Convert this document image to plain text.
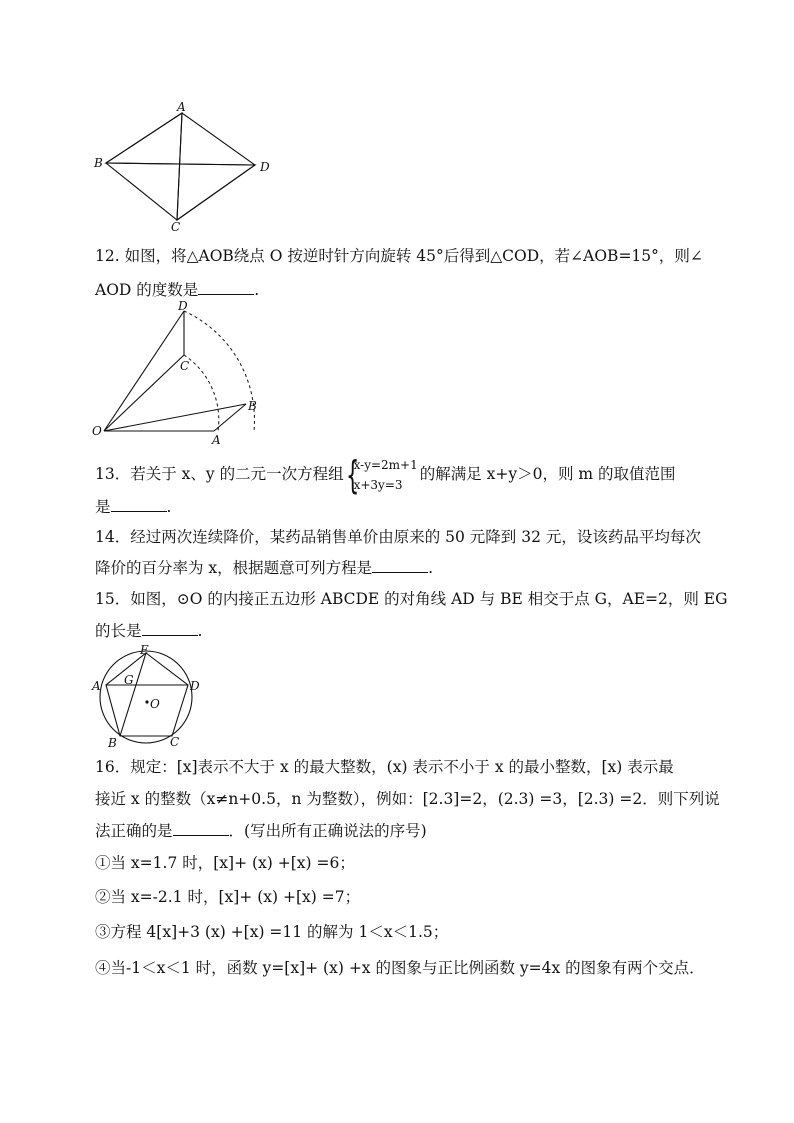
A
B
C
D
12. 如图，将△AOB绕点 O 按逆时针方向旋转 45°后得到△COD，若∠AOB=15°，则∠
AOD 的度数是	.
D
C
B
O
A
13．若关于 x、y 的二元一次方程组 {
x-y=2m+1
x+3y=3
的解满足 x+y＞0，则 m 的取值范围
是	.
14．经过两次连续降价，某药品销售单价由原来的 50 元降到 32 元，设该药品平均每次
降价的百分率为 x，根据题意可列方程是	.
15．如图，⊙O 的内接正五边形 ABCDE 的对角线 AD 与 BE 相交于点 G，AE=2，则 EG
的长是	.
E
A G	D
O
B	C
16．规定：[x]表示不大于 x 的最大整数，(x) 表示不小于 x 的最小整数，[x) 表示最
接近 x 的整数（x≠n+0.5，n 为整数），例如：[2.3]=2，(2.3) =3，[2.3) =2．则下列说
法正确的是	．(写出所有正确说法的序号)
①当 x=1.7 时，[x]+ (x) +[x) =6；
②当 x=-2.1 时，[x]+ (x) +[x) =7；
③方程 4[x]+3 (x) +[x) =11 的解为 1＜x＜1.5；
④当-1＜x＜1 时，函数 y=[x]+ (x) +x 的图象与正比例函数 y=4x 的图象有两个交点．
